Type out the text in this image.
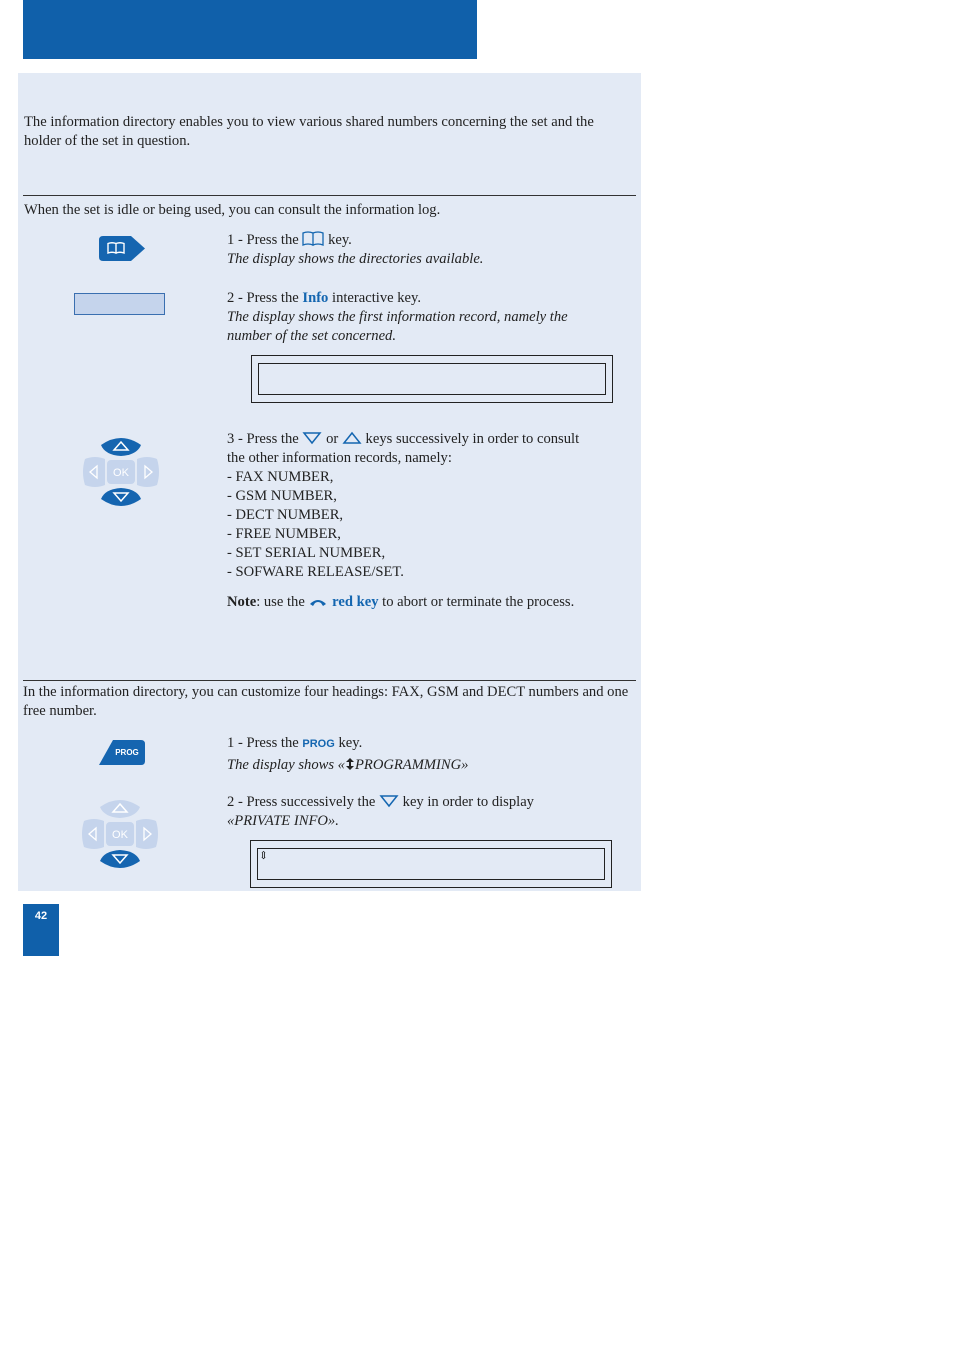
The information directory enables you to view various shared numbers concerning the set and the holder of the set in question.
When the set is idle or being used, you can consult the information log.
1 - Press the key.
The display shows the directories available.
2 - Press the Info interactive key.
The display shows the first information record, namely the number of the set concerned.
OK
3 - Press the or keys successively in order to consult
the other information records, namely:
- FAX NUMBER,
- GSM NUMBER,
- DECT NUMBER,
- FREE NUMBER,
- SET SERIAL NUMBER,
- SOFWARE RELEASE/SET.
Note: use the red key to abort or terminate the process.
In the information directory, you can customize four headings: FAX, GSM and DECT numbers and one free number.
PROG
1 - Press the PROG key.
The display shows « PROGRAMMING»
OK
2 - Press successively the key in order to display
«PRIVATE INFO».
⇕
42
